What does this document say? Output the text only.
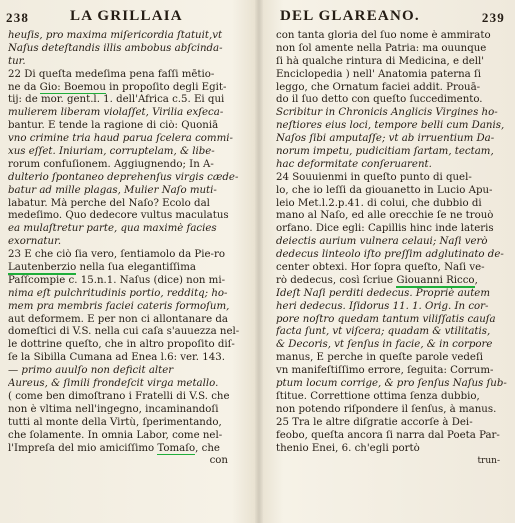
238	LA GRILLAIA
heuſis, pro maxima miſericordia ſtatuit,vt
Naſus deteſtandis illis ambobus abſcinda-
tur.
22 Di queſta medeſima pena faſſi mētio-
ne da Gio: Boemou in propoſito degli Egit-
tij: de mor. gent.l. 1. dell'Africa c.5. Ei qui
mulierem liberam violaſſet, Virilia exſeca-
bantur. E tende la ragione di ciò: Quoniā
vno crimine tria haud parua ſcelera commi-
xus eſſet. Iniuriam, corruptelam, & libe-
rorum confuſionem. Aggiugnendo; In A-
dulterio ſpontaneo deprehenſus virgis cæde-
batur ad mille plagas, Mulier Naſo muti-
labatur. Mà perche del Naſo? Ecolo dal
medeſimo. Quo dedecore vultus maculatus
ea mulaſtretur parte, qua maximè facies
exornatur.
23 E che ciò ſia vero, ſentiamolo da Pie-ro
Lautenberzio nella ſua elegantiſſima
Paſſcompie c. 15.n.1. Naſus (dice) non mi-
nima eſt pulchritudinis portio, redditq; ho-
mem pra membris faciei cateris formoſum,
aut deformem. E per non ci allontanare da
domeſtici di V.S. nella cui caſa s'auuezza nel-
le dottrine queſto, che in altro propoſito diſ-
ſe la Sibilla Cumana ad Enea l.6: ver. 143.
— primo auulſo non deficit alter
Aureus, & ſimili frondeſcit virga metallo.
( come ben dimoſtrano i Fratelli di V.S. che
non è vltima nell'ingegno, incaminandoſi
tutti al monte della Virtù, ſperimentando,
che ſolamente. In omnia Labor, come nel-
l'Impreſa del mio amiciſſimo Tomaſo, che
con
DEL GLAREANO.	239
con tanta gloria del ſuo nome è ammirato
non ſol amente nella Patria: ma ouunque
ſi hà qualche rintura di Medicina, e dell'
Enciclopedia ) nell' Anatomia paterna ſi
leggo, che Ornatum faciei addit. Prouā-
do il ſuo detto con queſto ſuccedimento.
Scribitur in Chronicis Anglicis Virgines ho-
neſtiores eius loci, tempore belli cum Danis,
Naſos ſibi amputaſſe; vt ab irruentium Da-
norum impetu, pudicitiam ſartam, tectam,
hac deformitate conſeruarent.
24 Souuienmi in queſto punto di quel-
lo, che io leſſi da giouanetto in Lucio Apu-
leio Met.l.2.p.41. di colui, che dubbio di
mano al Naſo, ed alle orecchie ſe ne trouò
orfano. Dice egli: Capillis hinc inde lateris
deiectis aurium vulnera celaui; Naſi verò
dedecus linteolo iſto preſſim adglutinato de-
center obtexi. Hor ſopra queſto, Naſi ve-
rò dedecus, così ſcriue Giouanni Ricco,
Ideſt Naſi perditi dedecus. Propriè autem
heri dedecus. Iſidorus 11. 1. Orig. In cor-
pore noſtro quedam tantum viliſſatis cauſa
facta ſunt, vt viſcera; quadam & vtilitatis,
& Decoris, vt ſenſus in facie, & in corpore
manus, E perche in queſte parole vedeſi
vn manifeſtiſſimo errore, ſeguita: Corrum-
ptum locum corrige, & pro ſenſus Naſus ſub-
ſtitue. Correttione ottima ſenza dubbio,
non potendo riſpondere il ſenſus, à manus.
25 Tra le altre diſgratie accorſe à Dei-
feobo, queſta ancora ſi narra dal Poeta Par-
thenio Enei, 6. ch'egli portò
trun-
